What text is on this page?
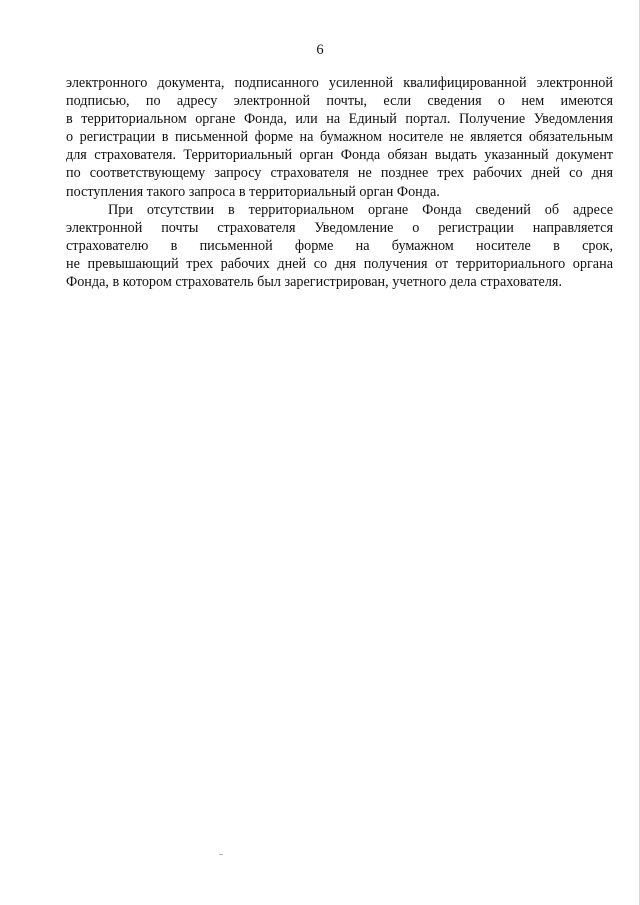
6
электронного документа, подписанного усиленной квалифицированной электронной
подписью, по адресу электронной почты, если сведения о нем имеются
в территориальном органе Фонда, или на Единый портал. Получение Уведомления
о регистрации в письменной форме на бумажном носителе не является обязательным
для страхователя. Территориальный орган Фонда обязан выдать указанный документ
по соответствующему запросу страхователя не позднее трех рабочих дней со дня
поступления такого запроса в территориальный орган Фонда.
При отсутствии в территориальном органе Фонда сведений об адресе
электронной почты страхователя Уведомление о регистрации направляется
страхователю в письменной форме на бумажном носителе в срок,
не превышающий трех рабочих дней со дня получения от территориального органа
Фонда, в котором страхователь был зарегистрирован, учетного дела страхователя.
..
